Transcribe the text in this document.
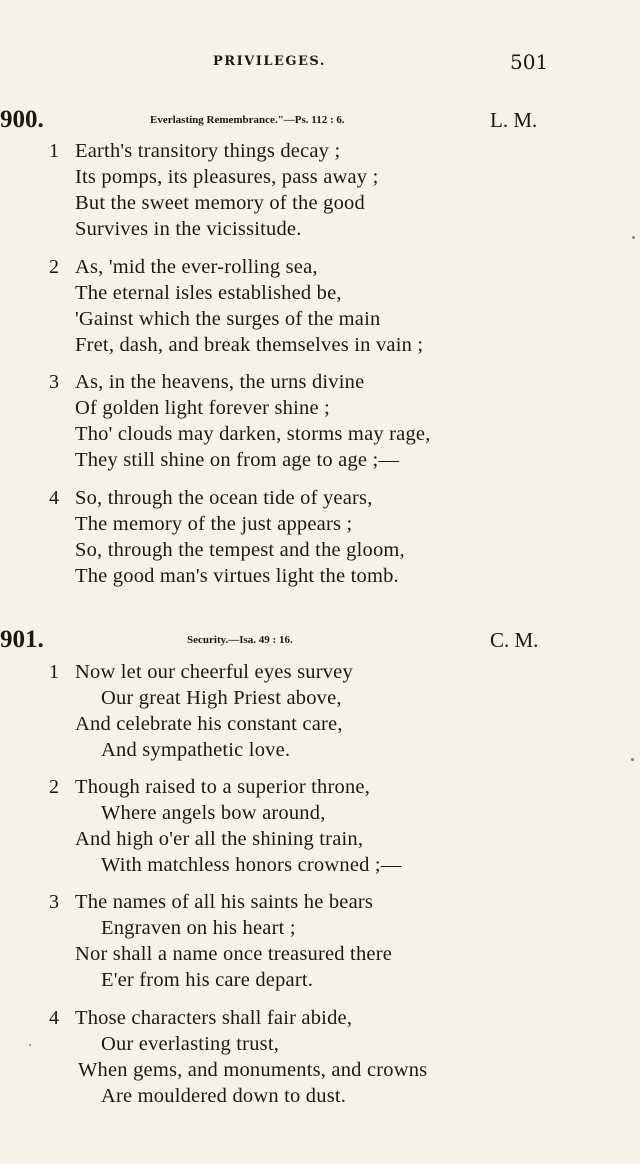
PRIVILEGES.	501
900.	Everlasting Remembrance."—Ps. 112 : 6.	L. M.
1 Earth's transitory things decay ;
Its pomps, its pleasures, pass away ;
But the sweet memory of the good
Survives in the vicissitude.
2 As, 'mid the ever-rolling sea,
The eternal isles established be,
'Gainst which the surges of the main
Fret, dash, and break themselves in vain ;
3 As, in the heavens, the urns divine
Of golden light forever shine ;
Tho' clouds may darken, storms may rage,
They still shine on from age to age ;—
4 So, through the ocean tide of years,
The memory of the just appears ;
So, through the tempest and the gloom,
The good man's virtues light the tomb.
901.	Security.—Isa. 49 : 16.	C. M.
1 Now let our cheerful eyes survey
Our great High Priest above,
And celebrate his constant care,
And sympathetic love.
2 Though raised to a superior throne,
Where angels bow around,
And high o'er all the shining train,
With matchless honors crowned ;—
3 The names of all his saints he bears
Engraven on his heart ;
Nor shall a name once treasured there
E'er from his care depart.
4 Those characters shall fair abide,
Our everlasting trust,
When gems, and monuments, and crowns
Are mouldered down to dust.
